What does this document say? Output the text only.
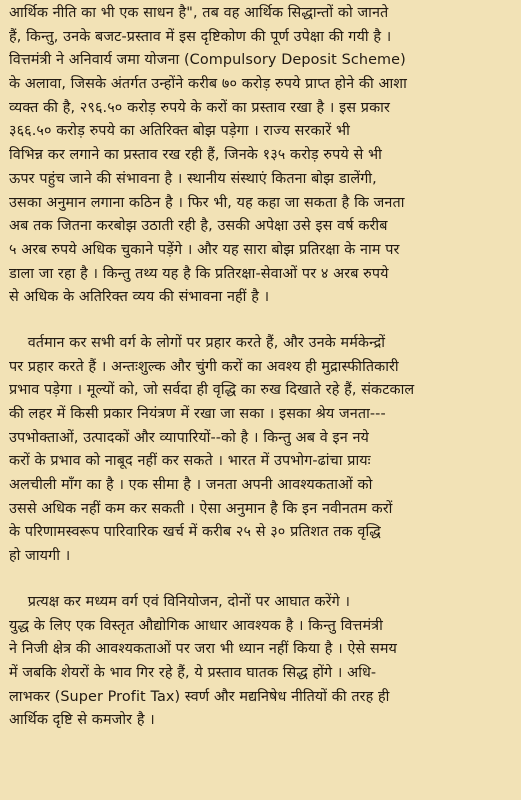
आर्थिक नीति का भी एक साधन है", तब वह आर्थिक सिद्धान्तों को जानते
हैं, किन्तु, उनके बजट-प्रस्ताव में इस दृष्टिकोण की पूर्ण उपेक्षा की गयी है ।
वित्तमंत्री ने अनिवार्य जमा योजना (Compulsory Deposit Scheme)
के अलावा, जिसके अंतर्गत उन्होंने करीब ७० करोड़ रुपये प्राप्त होने की आशा
व्यक्त की है, २९६.५० करोड़ रुपये के करों का प्रस्ताव रखा है । इस प्रकार
३६६.५० करोड़ रुपये का अतिरिक्त बोझ पड़ेगा । राज्य सरकारें भी
विभिन्न कर लगाने का प्रस्ताव रख रही हैं, जिनके १३५ करोड़ रुपये से भी
ऊपर पहुंच जाने की संभावना है । स्थानीय संस्थाएं कितना बोझ डालेंगी,
उसका अनुमान लगाना कठिन है । फिर भी, यह कहा जा सकता है कि जनता
अब तक जितना करबोझ उठाती रही है, उसकी अपेक्षा उसे इस वर्ष करीब
५ अरब रुपये अधिक चुकाने पड़ेंगे । और यह सारा बोझ प्रतिरक्षा के नाम पर
डाला जा रहा है । किन्तु तथ्य यह है कि प्रतिरक्षा-सेवाओं पर ४ अरब रुपये
से अधिक के अतिरिक्त व्यय की संभावना नहीं है ।
वर्तमान कर सभी वर्ग के लोगों पर प्रहार करते हैं, और उनके मर्मकेन्द्रों
पर प्रहार करते हैं । अन्तःशुल्क और चुंगी करों का अवश्य ही मुद्रास्फीतिकारी
प्रभाव पड़ेगा । मूल्यों को, जो सर्वदा ही वृद्धि का रुख दिखाते रहे हैं, संकटकाल
की लहर में किसी प्रकार नियंत्रण में रखा जा सका । इसका श्रेय जनता---
उपभोक्ताओं, उत्पादकों और व्यापारियों--को है । किन्तु अब वे इन नये
करों के प्रभाव को नाबूद नहीं कर सकते । भारत में उपभोग-ढांचा प्रायः
अलचीली माँग का है । एक सीमा है । जनता अपनी आवश्यकताओं को
उससे अधिक नहीं कम कर सकती । ऐसा अनुमान है कि इन नवीनतम करों
के परिणामस्वरूप पारिवारिक खर्च में करीब २५ से ३० प्रतिशत तक वृद्धि
हो जायगी ।
प्रत्यक्ष कर मध्यम वर्ग एवं विनियोजन, दोनों पर आघात करेंगे ।
युद्ध के लिए एक विस्तृत औद्योगिक आधार आवश्यक है । किन्तु वित्तमंत्री
ने निजी क्षेत्र की आवश्यकताओं पर जरा भी ध्यान नहीं किया है । ऐसे समय
में जबकि शेयरों के भाव गिर रहे हैं, ये प्रस्ताव घातक सिद्ध होंगे । अधि-
लाभकर (Super Profit Tax) स्वर्ण और मद्यनिषेध नीतियों की तरह ही
आर्थिक दृष्टि से कमजोर है ।
